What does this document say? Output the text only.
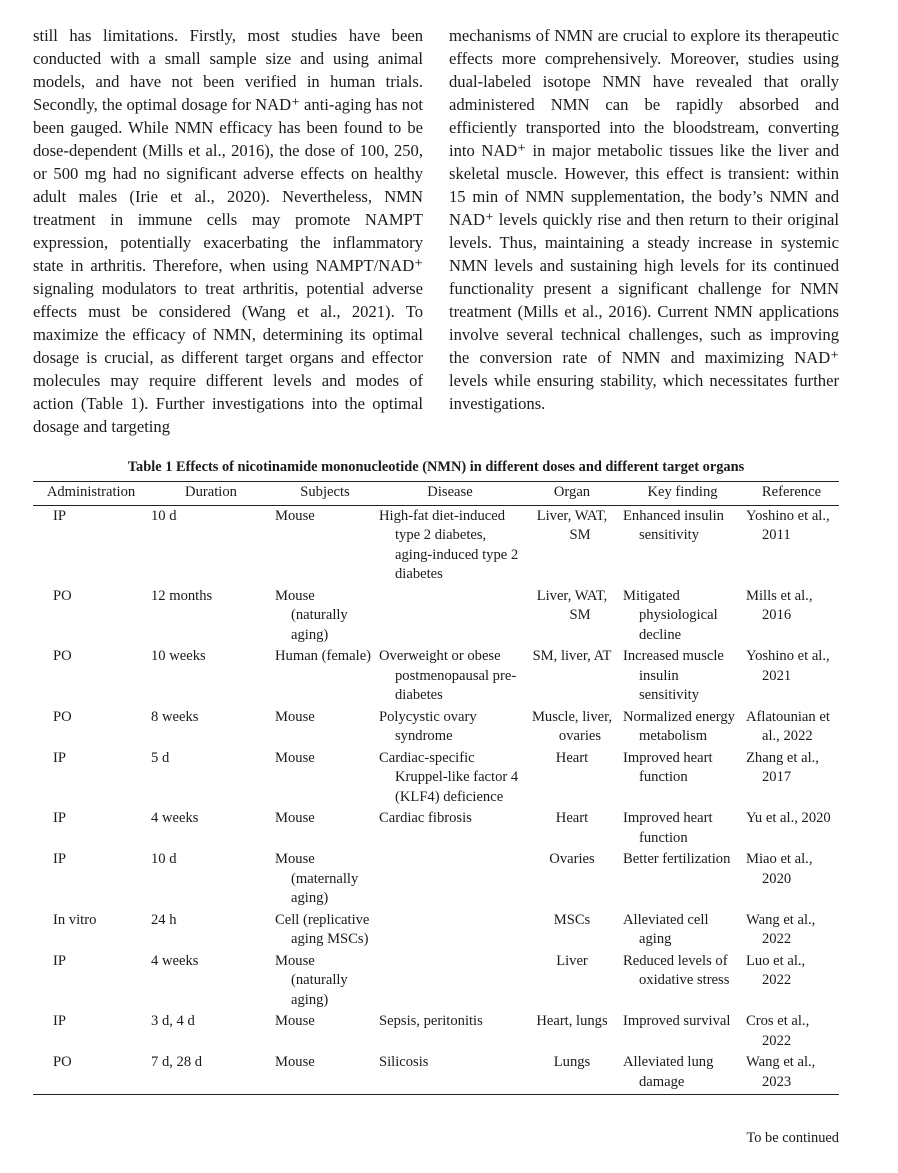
still has limitations. Firstly, most studies have been conducted with a small sample size and using animal models, and have not been verified in human trials. Secondly, the optimal dosage for NAD⁺ anti-aging has not been gauged. While NMN efficacy has been found to be dose-dependent (Mills et al., 2016), the dose of 100, 250, or 500 mg had no significant adverse effects on healthy adult males (Irie et al., 2020). Nevertheless, NMN treatment in immune cells may promote NAMPT expression, potentially exacerbating the inflammatory state in arthritis. Therefore, when using NAMPT/NAD⁺ signaling modulators to treat arthritis, potential adverse effects must be considered (Wang et al., 2021). To maximize the efficacy of NMN, determining its optimal dosage is crucial, as different target organs and effector molecules may require different levels and modes of action (Table 1). Further investigations into the optimal dosage and targeting
mechanisms of NMN are crucial to explore its therapeutic effects more comprehensively. Moreover, studies using dual-labeled isotope NMN have revealed that orally administered NMN can be rapidly absorbed and efficiently transported into the bloodstream, converting into NAD⁺ in major metabolic tissues like the liver and skeletal muscle. However, this effect is transient: within 15 min of NMN supplementation, the body’s NMN and NAD⁺ levels quickly rise and then return to their original levels. Thus, maintaining a steady increase in systemic NMN levels and sustaining high levels for its continued functionality present a significant challenge for NMN treatment (Mills et al., 2016). Current NMN applications involve several technical challenges, such as improving the conversion rate of NMN and maximizing NAD⁺ levels while ensuring stability, which necessitates further investigations.
Table 1 Effects of nicotinamide mononucleotide (NMN) in different doses and different target organs
Administration	Duration	Subjects	Disease	Organ	Key finding	Reference
IP	10 d	Mouse	High-fat diet-induced type 2 diabetes, aging-induced type 2 diabetes	Liver, WAT, SM	Enhanced insulin sensitivity	Yoshino et al., 2011

PO	12 months	Mouse (naturally aging)		Liver, WAT, SM	Mitigated physiological decline	Mills et al., 2016

PO	10 weeks	Human (female)	Overweight or obese postmenopausal pre-diabetes	SM, liver, AT	Increased muscle insulin sensitivity	Yoshino et al., 2021

PO	8 weeks	Mouse	Polycystic ovary syndrome	Muscle, liver, ovaries	Normalized energy metabolism	Aflatounian et al., 2022

IP	5 d	Mouse	Cardiac-specific Kruppel-like factor 4 (KLF4) deficience	Heart	Improved heart function	Zhang et al., 2017

IP	4 weeks	Mouse	Cardiac fibrosis	Heart	Improved heart function	Yu et al., 2020

IP	10 d	Mouse (maternally aging)		Ovaries	Better fertilization	Miao et al., 2020

In vitro	24 h	Cell (replicative aging MSCs)		MSCs	Alleviated cell aging	Wang et al., 2022

IP	4 weeks	Mouse (naturally aging)		Liver	Reduced levels of oxidative stress	Luo et al., 2022

IP	3 d, 4 d	Mouse	Sepsis, peritonitis	Heart, lungs	Improved survival	Cros et al., 2022

PO	7 d, 28 d	Mouse	Silicosis	Lungs	Alleviated lung damage	Wang et al., 2023
To be continued
